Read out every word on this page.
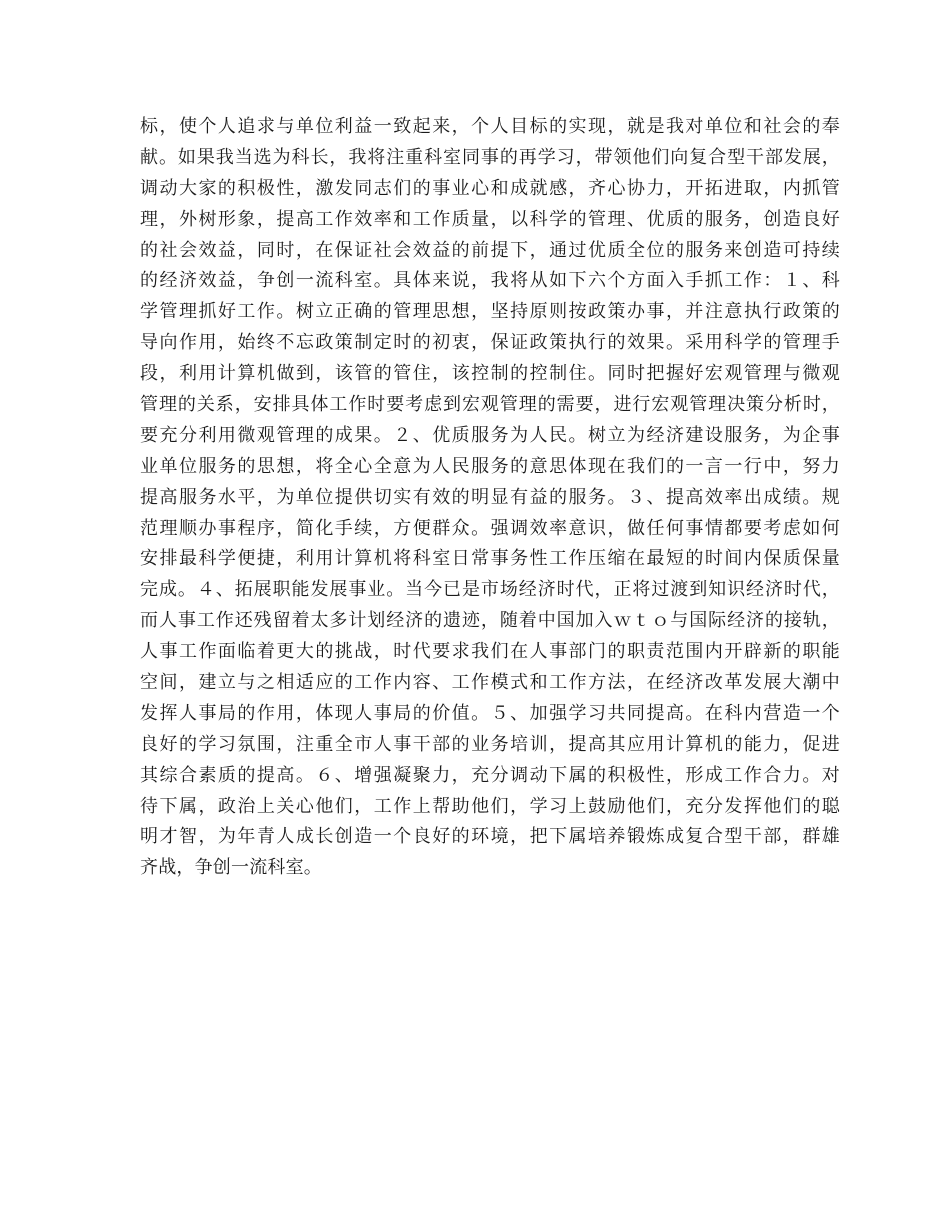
标，使个人追求与单位利益一致起来，个人目标的实现，就是我对单位和社会的奉
献。如果我当选为科长，我将注重科室同事的再学习，带领他们向复合型干部发展，
调动大家的积极性，激发同志们的事业心和成就感，齐心协力，开拓进取，内抓管
理，外树形象，提高工作效率和工作质量，以科学的管理、优质的服务，创造良好
的社会效益，同时，在保证社会效益的前提下，通过优质全位的服务来创造可持续
的经济效益，争创一流科室。具体来说，我将从如下六个方面入手抓工作：１、科
学管理抓好工作。树立正确的管理思想，坚持原则按政策办事，并注意执行政策的
导向作用，始终不忘政策制定时的初衷，保证政策执行的效果。采用科学的管理手
段，利用计算机做到，该管的管住，该控制的控制住。同时把握好宏观管理与微观
管理的关系，安排具体工作时要考虑到宏观管理的需要，进行宏观管理决策分析时，
要充分利用微观管理的成果。２、优质服务为人民。树立为经济建设服务，为企事
业单位服务的思想，将全心全意为人民服务的意思体现在我们的一言一行中，努力
提高服务水平，为单位提供切实有效的明显有益的服务。３、提高效率出成绩。规
范理顺办事程序，简化手续，方便群众。强调效率意识，做任何事情都要考虑如何
安排最科学便捷，利用计算机将科室日常事务性工作压缩在最短的时间内保质保量
完成。４、拓展职能发展事业。当今已是市场经济时代，正将过渡到知识经济时代，
而人事工作还残留着太多计划经济的遗迹，随着中国加入ｗｔｏ与国际经济的接轨，
人事工作面临着更大的挑战，时代要求我们在人事部门的职责范围内开辟新的职能
空间，建立与之相适应的工作内容、工作模式和工作方法，在经济改革发展大潮中
发挥人事局的作用，体现人事局的价值。５、加强学习共同提高。在科内营造一个
良好的学习氛围，注重全市人事干部的业务培训，提高其应用计算机的能力，促进
其综合素质的提高。６、增强凝聚力，充分调动下属的积极性，形成工作合力。对
待下属，政治上关心他们，工作上帮助他们，学习上鼓励他们，充分发挥他们的聪
明才智，为年青人成长创造一个良好的环境，把下属培养锻炼成复合型干部，群雄
齐战，争创一流科室。
